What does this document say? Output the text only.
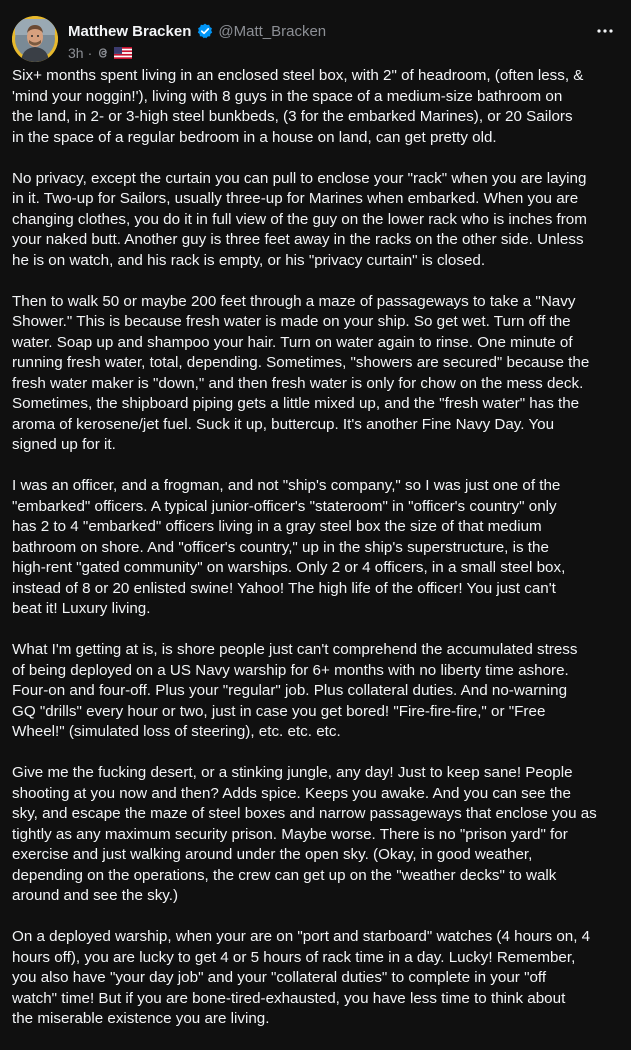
Matthew Bracken @Matt_Bracken
3h ·

Six+ months spent living in an enclosed steel box, with 2" of headroom, (often less, &
'mind your noggin!'), living with 8 guys in the space of a medium-size bathroom on
the land, in 2- or 3-high steel bunkbeds, (3 for the embarked Marines), or 20 Sailors
in the space of a regular bedroom in a house on land, can get pretty old.

No privacy, except the curtain you can pull to enclose your "rack" when you are laying
in it. Two-up for Sailors, usually three-up for Marines when embarked. When you are
changing clothes, you do it in full view of the guy on the lower rack who is inches from
your naked butt. Another guy is three feet away in the racks on the other side. Unless
he is on watch, and his rack is empty, or his "privacy curtain" is closed.

Then to walk 50 or maybe 200 feet through a maze of passageways to take a "Navy
Shower." This is because fresh water is made on your ship. So get wet. Turn off the
water. Soap up and shampoo your hair. Turn on water again to rinse. One minute of
running fresh water, total, depending. Sometimes, "showers are secured" because the
fresh water maker is "down," and then fresh water is only for chow on the mess deck.
Sometimes, the shipboard piping gets a little mixed up, and the "fresh water" has the
aroma of kerosene/jet fuel. Suck it up, buttercup. It's another Fine Navy Day. You
signed up for it.

I was an officer, and a frogman, and not "ship's company," so I was just one of the
"embarked" officers. A typical junior-officer's "stateroom" in "officer's country" only
has 2 to 4 "embarked" officers living in a gray steel box the size of that medium
bathroom on shore. And "officer's country," up in the ship's superstructure, is the
high-rent "gated community" on warships. Only 2 or 4 officers, in a small steel box,
instead of 8 or 20 enlisted swine! Yahoo! The high life of the officer! You just can't
beat it! Luxury living.

What I'm getting at is, is shore people just can't comprehend the accumulated stress
of being deployed on a US Navy warship for 6+ months with no liberty time ashore.
Four-on and four-off. Plus your "regular" job. Plus collateral duties. And no-warning
GQ "drills" every hour or two, just in case you get bored! "Fire-fire-fire," or "Free
Wheel!" (simulated loss of steering), etc. etc. etc.

Give me the fucking desert, or a stinking jungle, any day! Just to keep sane! People
shooting at you now and then? Adds spice. Keeps you awake. And you can see the
sky, and escape the maze of steel boxes and narrow passageways that enclose you as
tightly as any maximum security prison. Maybe worse. There is no "prison yard" for
exercise and just walking around under the open sky. (Okay, in good weather,
depending on the operations, the crew can get up on the "weather decks" to walk
around and see the sky.)

On a deployed warship, when your are on "port and starboard" watches (4 hours on, 4
hours off), you are lucky to get 4 or 5 hours of rack time in a day. Lucky! Remember,
you also have "your day job" and your "collateral duties" to complete in your "off
watch" time! But if you are bone-tired-exhausted, you have less time to think about
the miserable existence you are living.
